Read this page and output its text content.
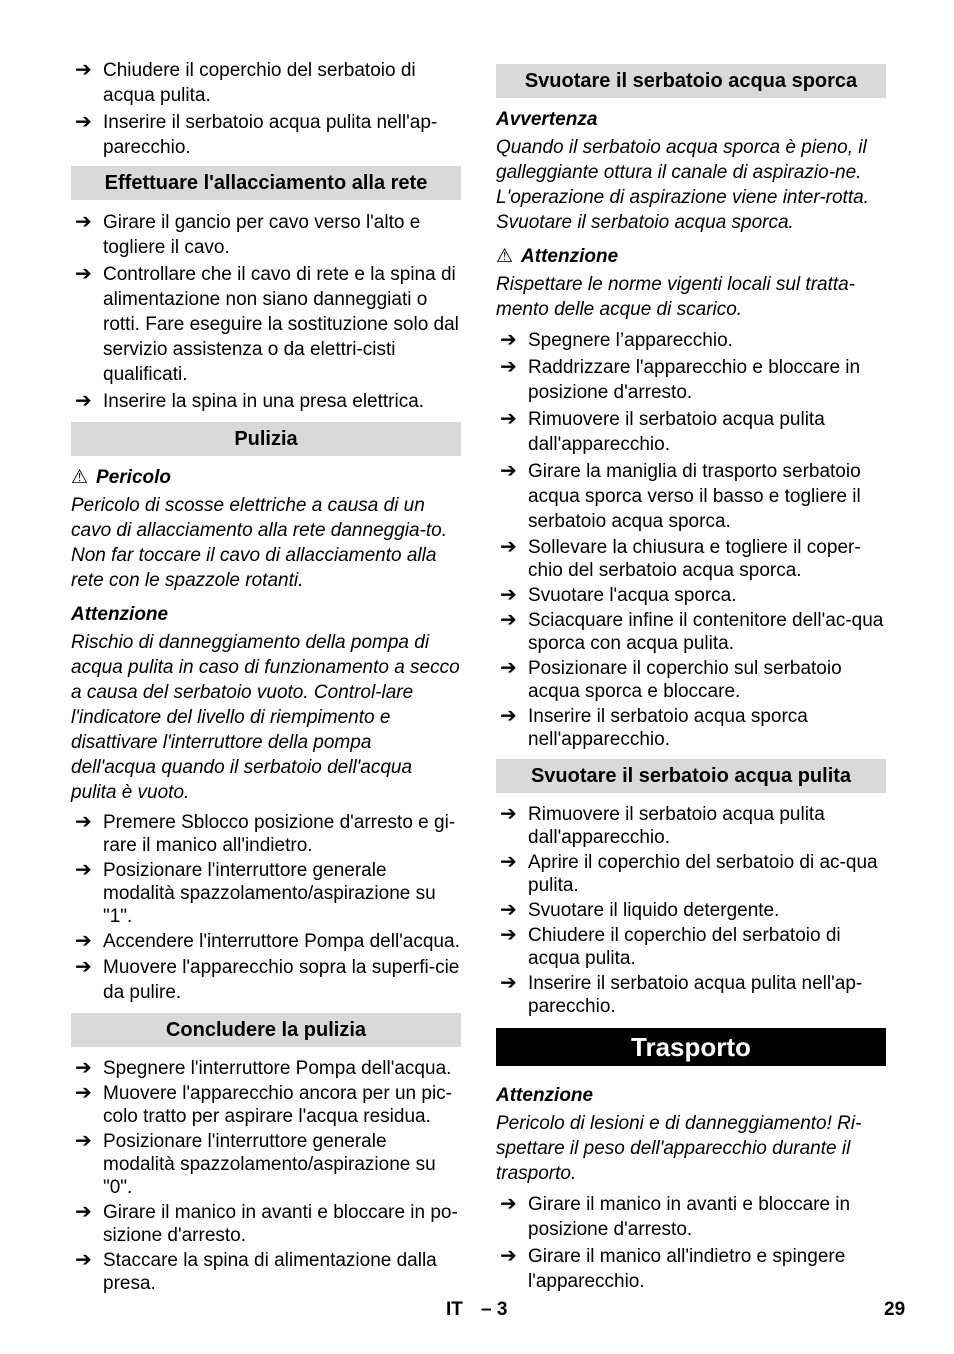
➔ Chiudere il coperchio del serbatoio di acqua pulita.
➔ Inserire il serbatoio acqua pulita nell'ap-parecchio.
Effettuare l'allacciamento alla rete
➔ Girare il gancio per cavo verso l'alto e togliere il cavo.
➔ Controllare che il cavo di rete e la spina di alimentazione non siano danneggiati o rotti. Fare eseguire la sostituzione solo dal servizio assistenza o da elettri-cisti qualificati.
➔ Inserire la spina in una presa elettrica.
Pulizia
⚠ Pericolo
Pericolo di scosse elettriche a causa di un cavo di allacciamento alla rete danneggia-to. Non far toccare il cavo di allacciamento alla rete con le spazzole rotanti.
Attenzione
Rischio di danneggiamento della pompa di acqua pulita in caso di funzionamento a secco a causa del serbatoio vuoto. Control-lare l'indicatore del livello di riempimento e disattivare l'interruttore della pompa dell'acqua quando il serbatoio dell'acqua pulita è vuoto.
➔ Premere Sblocco posizione d'arresto e gi-rare il manico all'indietro.
➔ Posizionare l'interruttore generale modalità spazzolamento/aspirazione su "1".
➔ Accendere l'interruttore Pompa dell'acqua.
➔ Muovere l'apparecchio sopra la superfi-cie da pulire.
Concludere la pulizia
➔ Spegnere l'interruttore Pompa dell'acqua.
➔ Muovere l'apparecchio ancora per un pic-colo tratto per aspirare l'acqua residua.
➔ Posizionare l'interruttore generale modalità spazzolamento/aspirazione su "0".
➔ Girare il manico in avanti e bloccare in po-sizione d'arresto.
➔ Staccare la spina di alimentazione dalla presa.
Svuotare il serbatoio acqua sporca
Avvertenza
Quando il serbatoio acqua sporca è pieno, il galleggiante ottura il canale di aspirazio-ne. L'operazione di aspirazione viene inter-rotta. Svuotare il serbatoio acqua sporca.
⚠ Attenzione
Rispettare le norme vigenti locali sul tratta-mento delle acque di scarico.
➔ Spegnere l’apparecchio.
➔ Raddrizzare l'apparecchio e bloccare in posizione d'arresto.
➔ Rimuovere il serbatoio acqua pulita dall'apparecchio.
➔ Girare la maniglia di trasporto serbatoio acqua sporca verso il basso e togliere il serbatoio acqua sporca.
➔ Sollevare la chiusura e togliere il coper-chio del serbatoio acqua sporca.
➔ Svuotare l'acqua sporca.
➔ Sciacquare infine il contenitore dell'ac-qua sporca con acqua pulita.
➔ Posizionare il coperchio sul serbatoio acqua sporca e bloccare.
➔ Inserire il serbatoio acqua sporca nell'apparecchio.
Svuotare il serbatoio acqua pulita
➔ Rimuovere il serbatoio acqua pulita dall'apparecchio.
➔ Aprire il coperchio del serbatoio di ac-qua pulita.
➔ Svuotare il liquido detergente.
➔ Chiudere il coperchio del serbatoio di acqua pulita.
➔ Inserire il serbatoio acqua pulita nell'ap-parecchio.
Trasporto
Attenzione
Pericolo di lesioni e di danneggiamento! Ri-spettare il peso dell'apparecchio durante il trasporto.
➔ Girare il manico in avanti e bloccare in posizione d'arresto.
➔ Girare il manico all'indietro e spingere l'apparecchio.
IT – 3	29
